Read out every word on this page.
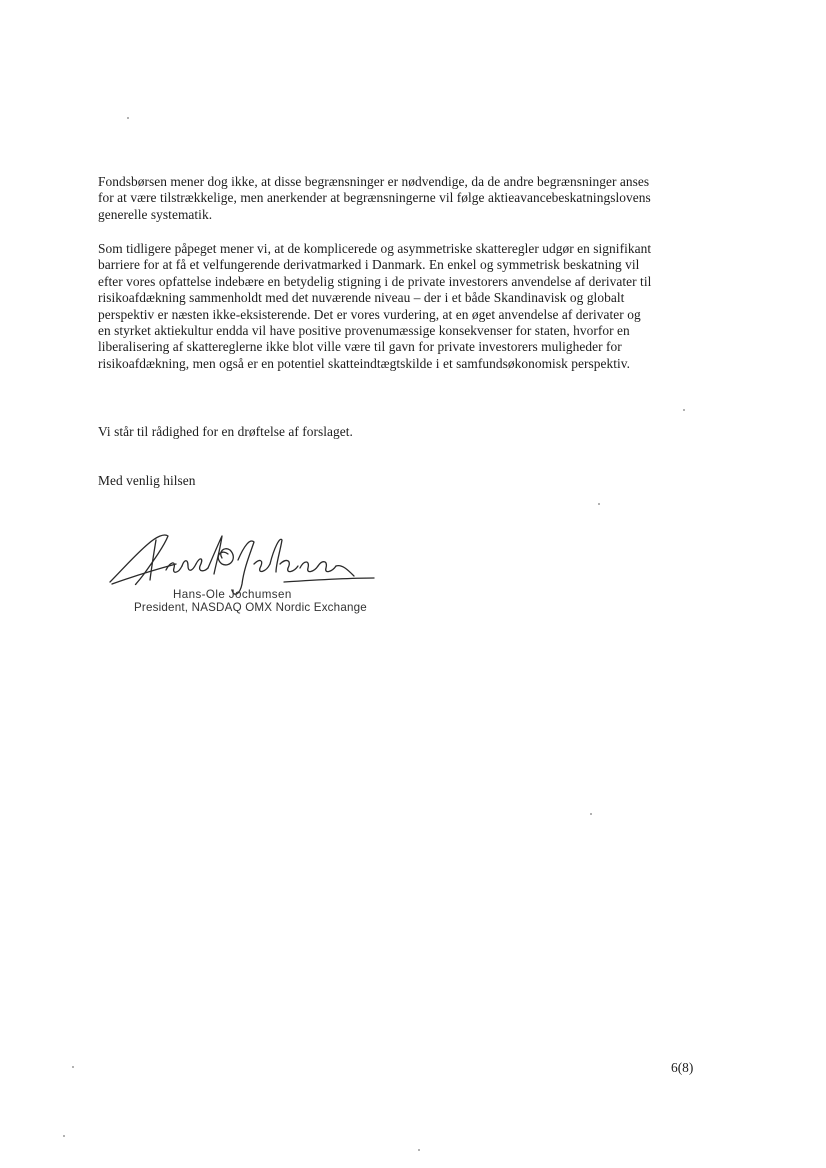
Fondsbørsen mener dog ikke, at disse begrænsninger er nødvendige, da de andre begrænsninger anses
for at være tilstrækkelige, men anerkender at begrænsningerne vil følge aktieavancebeskatningslovens
generelle systematik.

Som tidligere påpeget mener vi, at de komplicerede og asymmetriske skatteregler udgør en signifikant
barriere for at få et velfungerende derivatmarked i Danmark. En enkel og symmetrisk beskatning vil
efter vores opfattelse indebære en betydelig stigning i de private investorers anvendelse af derivater til
risikoafdækning sammenholdt med det nuværende niveau – der i et både Skandinavisk og globalt
perspektiv er næsten ikke-eksisterende. Det er vores vurdering, at en øget anvendelse af derivater og
en styrket aktiekultur endda vil have positive provenumæssige konsekvenser for staten, hvorfor en
liberalisering af skattereglerne ikke blot ville være til gavn for private investorers muligheder for
risikoafdækning, men også er en potentiel skatteindtægtskilde i et samfundsøkonomisk perspektiv.

Vi står til rådighed for en drøftelse af forslaget.

Med venlig hilsen

Hans-Ole Jochumsen

President, NASDAQ OMX Nordic Exchange

6(8)
